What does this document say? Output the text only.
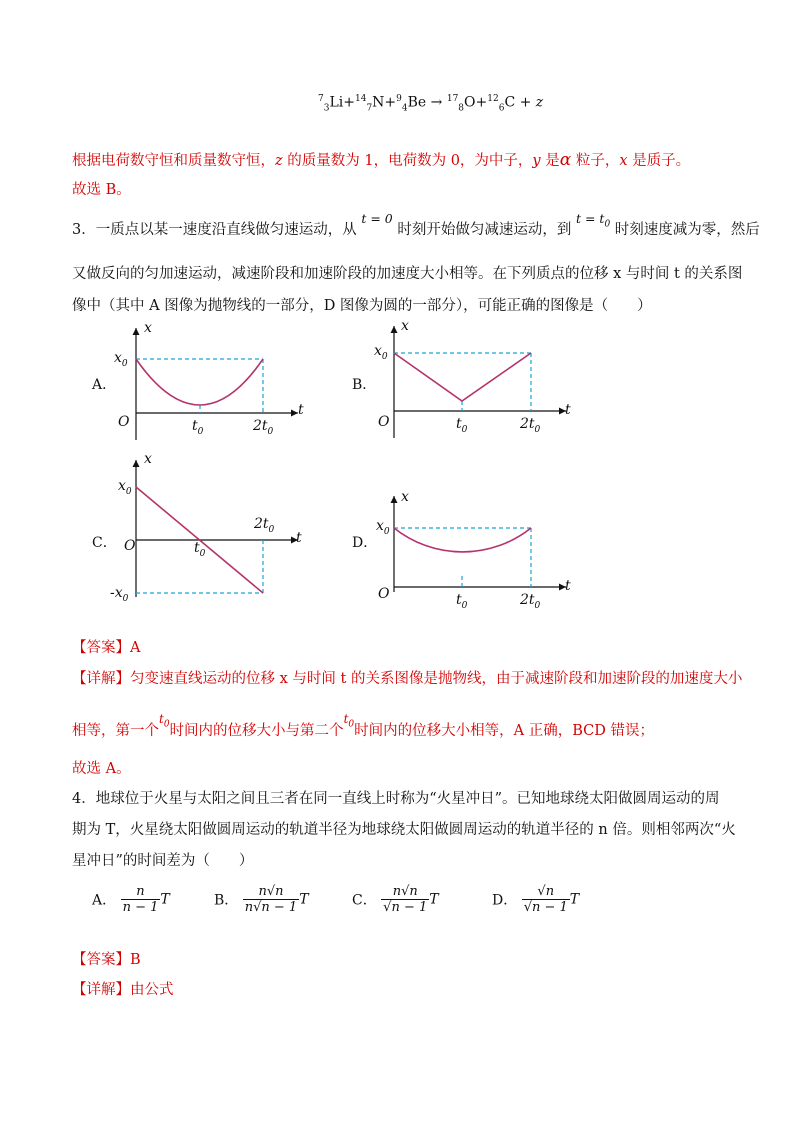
$^7_3$Li+$^{14}_7$N+$^9_4$Be → $^{17}_8$O+$^{12}_6$C + z
根据电荷数守恒和质量数守恒，z 的质量数为 1，电荷数为 0，为中子，y 是α 粒子，x 是质子。
故选 B。
3．一质点以某一速度沿直线做匀速运动，从 t = 0 时刻开始做匀减速运动，到 $t = t_0$ 时刻速度减为零，然后
又做反向的匀加速运动，减速阶段和加速阶段的加速度大小相等。在下列质点的位移 x 与时间 t 的关系图
像中（其中 A 图像为抛物线的一部分，D 图像为圆的一部分），可能正确的图像是（　　）
A．	B．
C．	D．
x
t
O
$x_0$
$t_0$	$2t_0$
x
t
O
$x_0$
$t_0$	$2t_0$
x
t
O
$x_0$
$-x_0$
$t_0$
$2t_0$
x
t
O
$x_0$
$t_0$	$2t_0$
【答案】A
【详解】匀变速直线运动的位移 x 与时间 t 的关系图像是抛物线，由于减速阶段和加速阶段的加速度大小
相等，第一个$^{t_0}$时间内的位移大小与第二个$^{t_0}$时间内的位移大小相等，A 正确，BCD 错误；
故选 A。
4．地球位于火星与太阳之间且三者在同一直线上时称为“火星冲日”。已知地球绕太阳做圆周运动的周
期为 T，火星绕太阳做圆周运动的轨道半径为地球绕太阳做圆周运动的轨道半径的 n 倍。则相邻两次“火
星冲日”的时间差为（　　）
A． $\frac{n}{n - 1}$ T	B． $\frac{n√n}{n√n - 1}$ T	C． $\frac{n√n}{√n - 1}$ T	D． $\frac{√n}{√n - 1}$ T
【答案】B
【详解】由公式
